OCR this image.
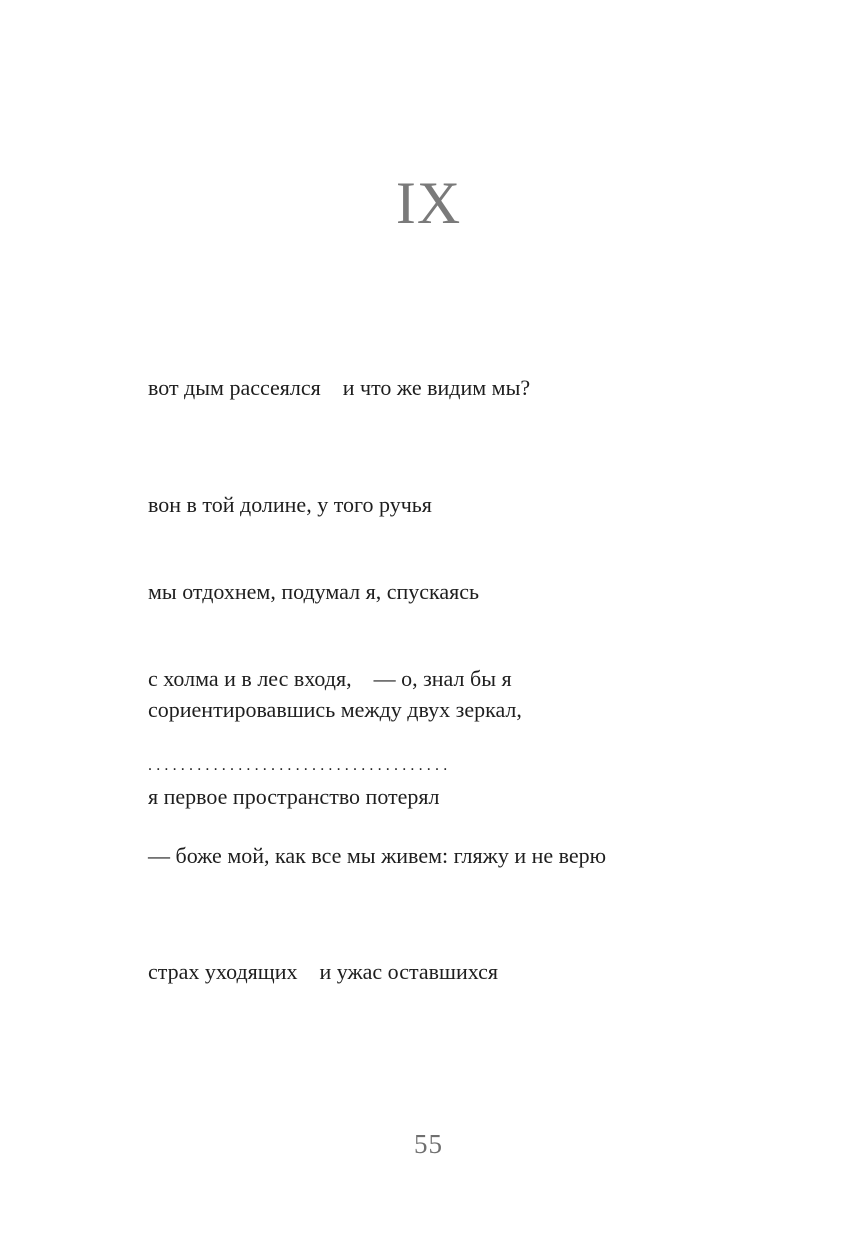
IX

вот дым рассеялся    и что же видим мы?

вон в той долине, у того ручья

мы отдохнем, подумал я, спускаясь

с холма и в лес входя,    — о, знал бы я

.....................................

сориентировавшись между двух зеркал,

я первое пространство потерял

— боже мой, как все мы живем: гляжу и не верю

страх уходящих    и ужас оставшихся

55
